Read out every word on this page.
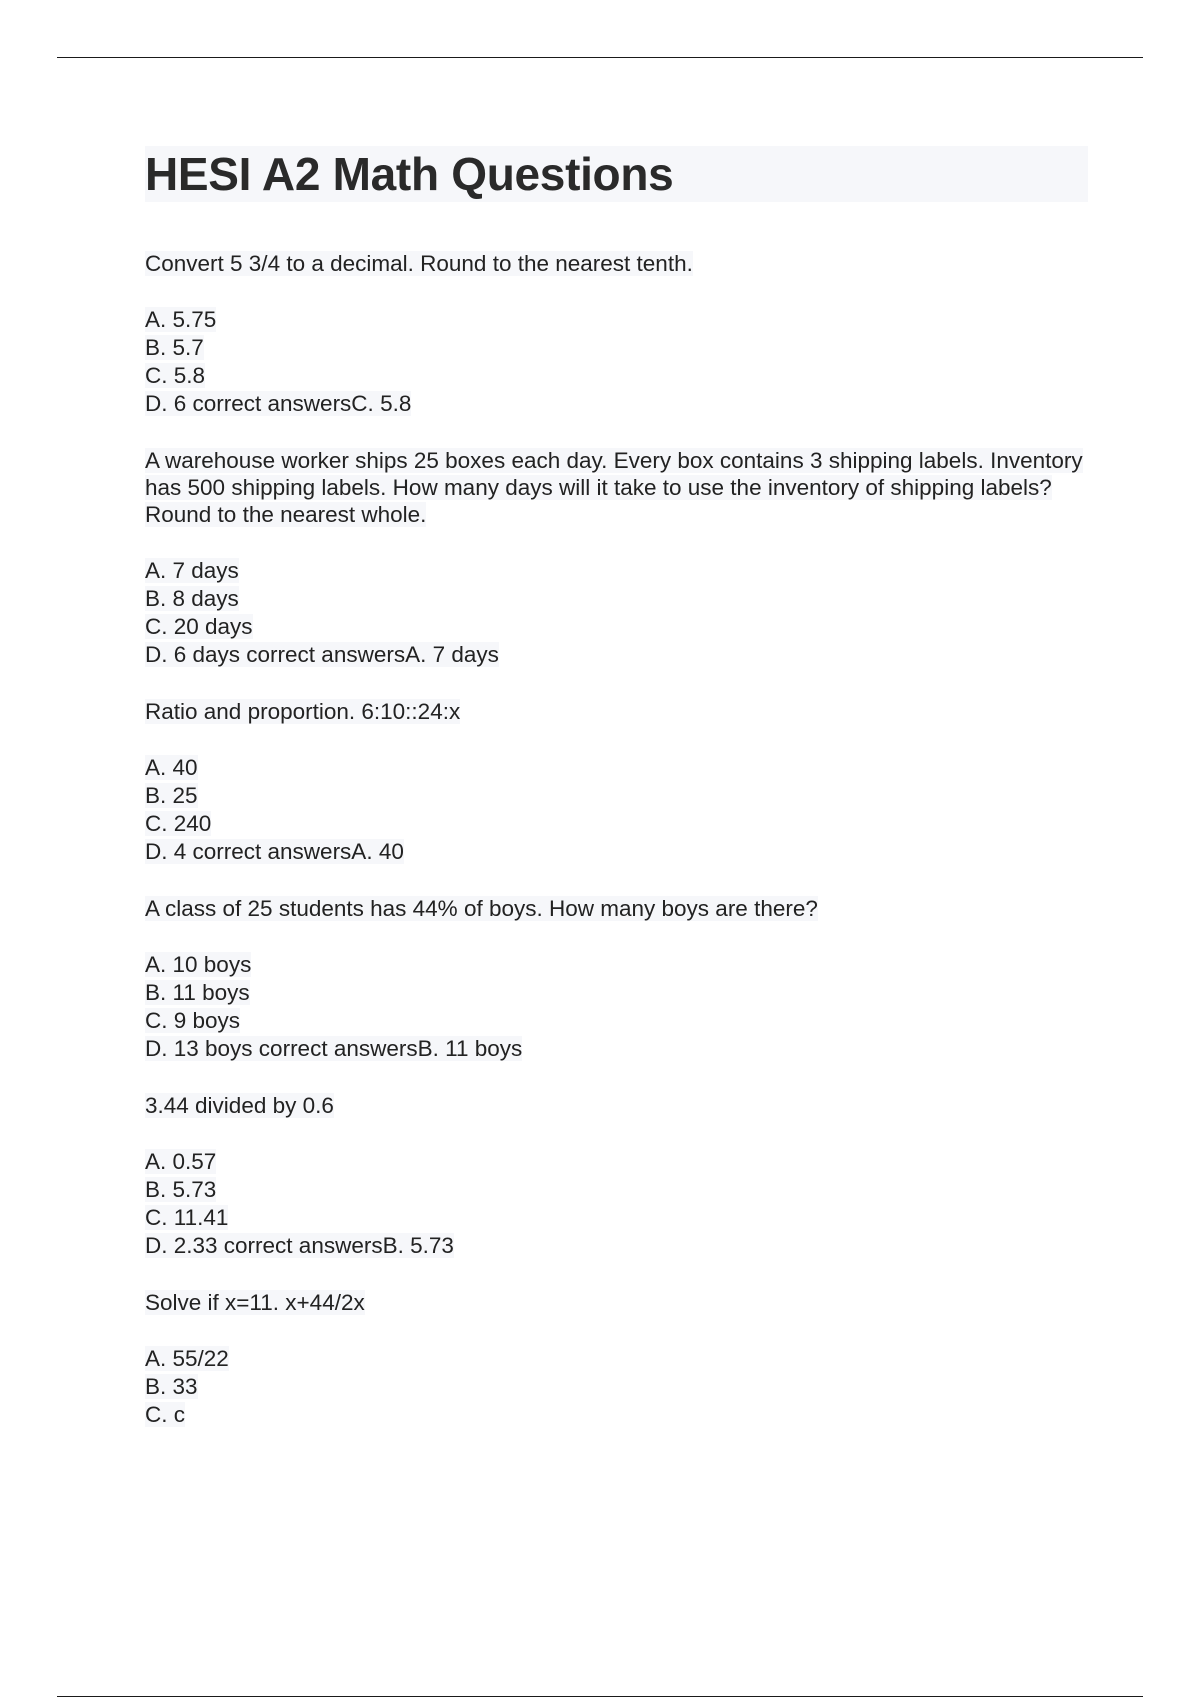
HESI A2 Math Questions

Convert 5 3/4 to a decimal. Round to the nearest tenth.

A. 5.75
B. 5.7
C. 5.8
D. 6 correct answersC. 5.8

A warehouse worker ships 25 boxes each day. Every box contains 3 shipping labels. Inventory has 500 shipping labels. How many days will it take to use the inventory of shipping labels? Round to the nearest whole.

A. 7 days
B. 8 days
C. 20 days
D. 6 days correct answersA. 7 days

Ratio and proportion. 6:10::24:x

A. 40
B. 25
C. 240
D. 4 correct answersA. 40

A class of 25 students has 44% of boys. How many boys are there?

A. 10 boys
B. 11 boys
C. 9 boys
D. 13 boys correct answersB. 11 boys

3.44 divided by 0.6

A. 0.57
B. 5.73
C. 11.41
D. 2.33 correct answersB. 5.73

Solve if x=11. x+44/2x

A. 55/22
B. 33
C. c
